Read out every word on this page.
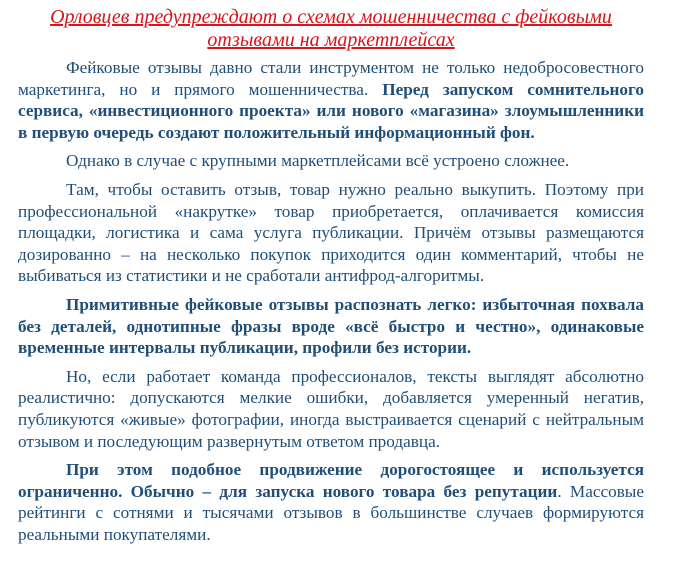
Орловцев предупреждают о схемах мошенничества с фейковыми отзывами на маркетплейсах

Фейковые отзывы давно стали инструментом не только недобросовестного маркетинга, но и прямого мошенничества. Перед запуском сомнительного сервиса, «инвестиционного проекта» или нового «магазина» злоумышленники в первую очередь создают положительный информационный фон.

Однако в случае с крупными маркетплейсами всё устроено сложнее.

Там, чтобы оставить отзыв, товар нужно реально выкупить. Поэтому при профессиональной «накрутке» товар приобретается, оплачивается комиссия площадки, логистика и сама услуга публикации. Причём отзывы размещаются дозированно – на несколько покупок приходится один комментарий, чтобы не выбиваться из статистики и не сработали антифрод-алгоритмы.

Примитивные фейковые отзывы распознать легко: избыточная похвала без деталей, однотипные фразы вроде «всё быстро и честно», одинаковые временные интервалы публикации, профили без истории.

Но, если работает команда профессионалов, тексты выглядят абсолютно реалистично: допускаются мелкие ошибки, добавляется умеренный негатив, публикуются «живые» фотографии, иногда выстраивается сценарий с нейтральным отзывом и последующим развернутым ответом продавца.

При этом подобное продвижение дорогостоящее и используется ограниченно. Обычно – для запуска нового товара без репутации. Массовые рейтинги с сотнями и тысячами отзывов в большинстве случаев формируются реальными покупателями.
